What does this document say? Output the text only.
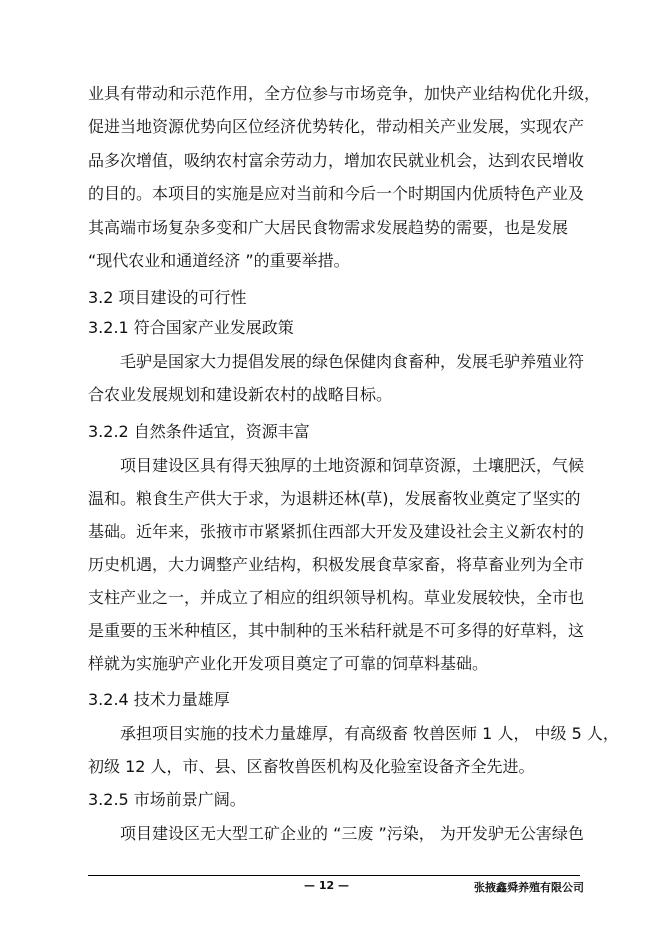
业具有带动和示范作用，全方位参与市场竞争，加快产业结构优化升级，
促进当地资源优势向区位经济优势转化，带动相关产业发展，实现农产
品多次增值，吸纳农村富余劳动力，增加农民就业机会，达到农民增收
的目的。本项目的实施是应对当前和今后一个时期国内优质特色产业及
其高端市场复杂多变和广大居民食物需求发展趋势的需要，也是发展
“现代农业和通道经济 ”的重要举措。
3.2 项目建设的可行性
3.2.1 符合国家产业发展政策
毛驴是国家大力提倡发展的绿色保健肉食畜种，发展毛驴养殖业符
合农业发展规划和建设新农村的战略目标。
3.2.2 自然条件适宜，资源丰富
项目建设区具有得天独厚的土地资源和饲草资源，土壤肥沃，气候
温和。粮食生产供大于求，为退耕还林(草)，发展畜牧业奠定了坚实的
基础。近年来，张掖市市紧紧抓住西部大开发及建设社会主义新农村的
历史机遇，大力调整产业结构，积极发展食草家畜，将草畜业列为全市
支柱产业之一，并成立了相应的组织领导机构。草业发展较快，全市也
是重要的玉米种植区，其中制种的玉米秸秆就是不可多得的好草料，这
样就为实施驴产业化开发项目奠定了可靠的饲草料基础。
3.2.4 技术力量雄厚
承担项目实施的技术力量雄厚，有高级畜 牧兽医师 1 人， 中级 5 人，
初级 12 人，市、县、区畜牧兽医机构及化验室设备齐全先进。
3.2.5 市场前景广阔。
项目建设区无大型工矿企业的 “三废 ”污染， 为开发驴无公害绿色
— 12 —	张掖鑫舜养殖有限公司
